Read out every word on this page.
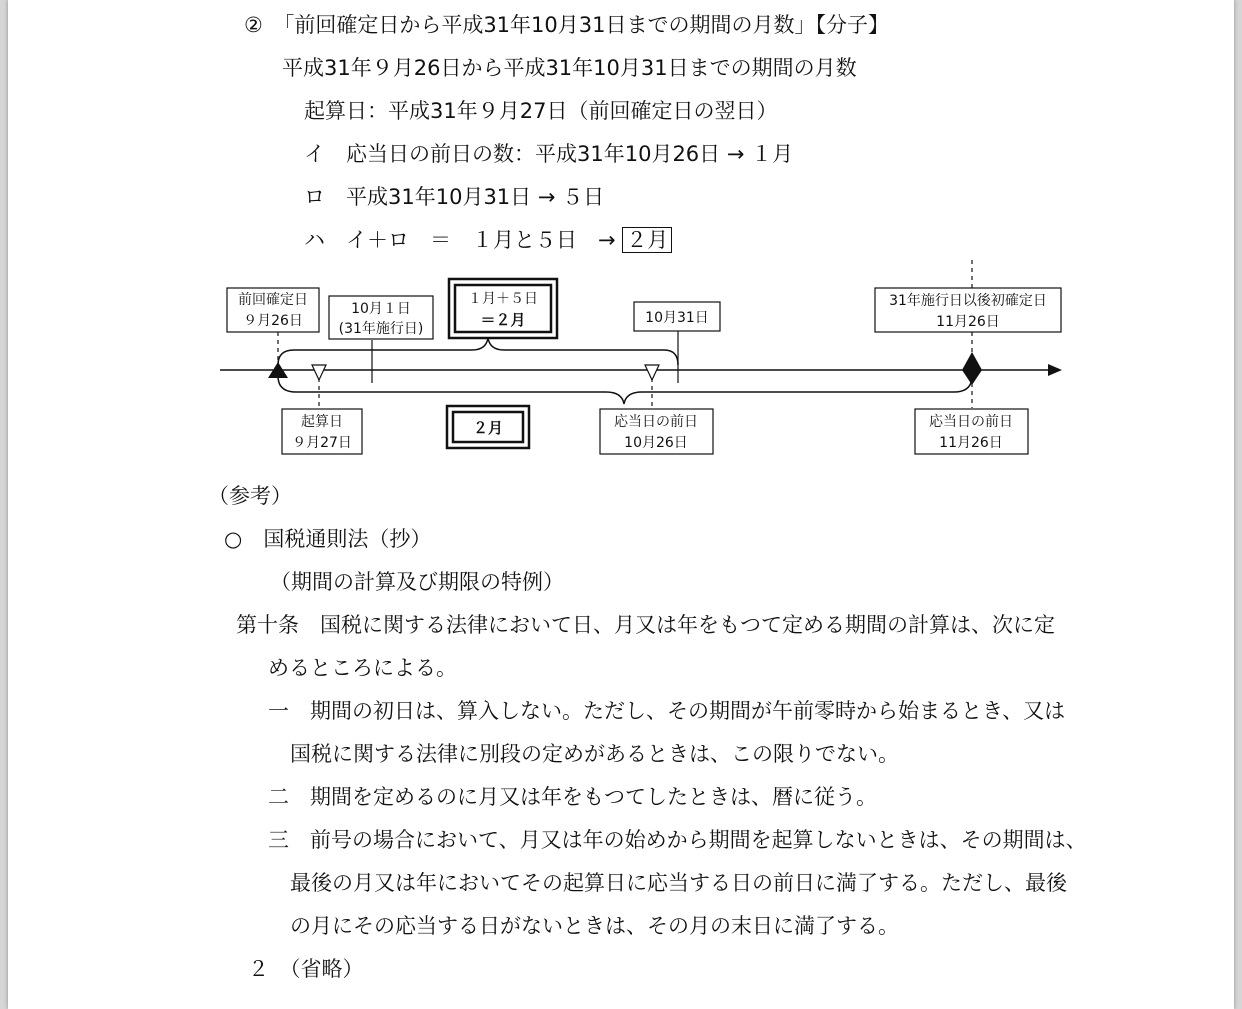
②　「前回確定日から平成31年10月31日までの期間の月数」【分子】
平成31年９月26日から平成31年10月31日までの期間の月数
起算日：平成31年９月27日（前回確定日の翌日）
イ　応当日の前日の数：平成31年10月26日 → １月
ロ　平成31年10月31日 → ５日
ハ　イ＋ロ　＝　１月と５日　→ ２月
前回確定日
９月26日
10月１日
(31年施行日)
１月＋５日
＝２月	10月31日
31年施行日以後初確定日
11月26日
起算日
９月27日
２月	応当日の前日
10月26日
応当日の前日
11月26日
（参考）
○　国税通則法（抄）
（期間の計算及び期限の特例）
第十条　国税に関する法律において日、月又は年をもつて定める期間の計算は、次に定
めるところによる。
一　期間の初日は、算入しない。ただし、その期間が午前零時から始まるとき、又は
国税に関する法律に別段の定めがあるときは、この限りでない。
二　期間を定めるのに月又は年をもつてしたときは、暦に従う。
三　前号の場合において、月又は年の始めから期間を起算しないときは、その期間は、
最後の月又は年においてその起算日に応当する日の前日に満了する。ただし、最後
の月にその応当する日がないときは、その月の末日に満了する。
２　（省略）
